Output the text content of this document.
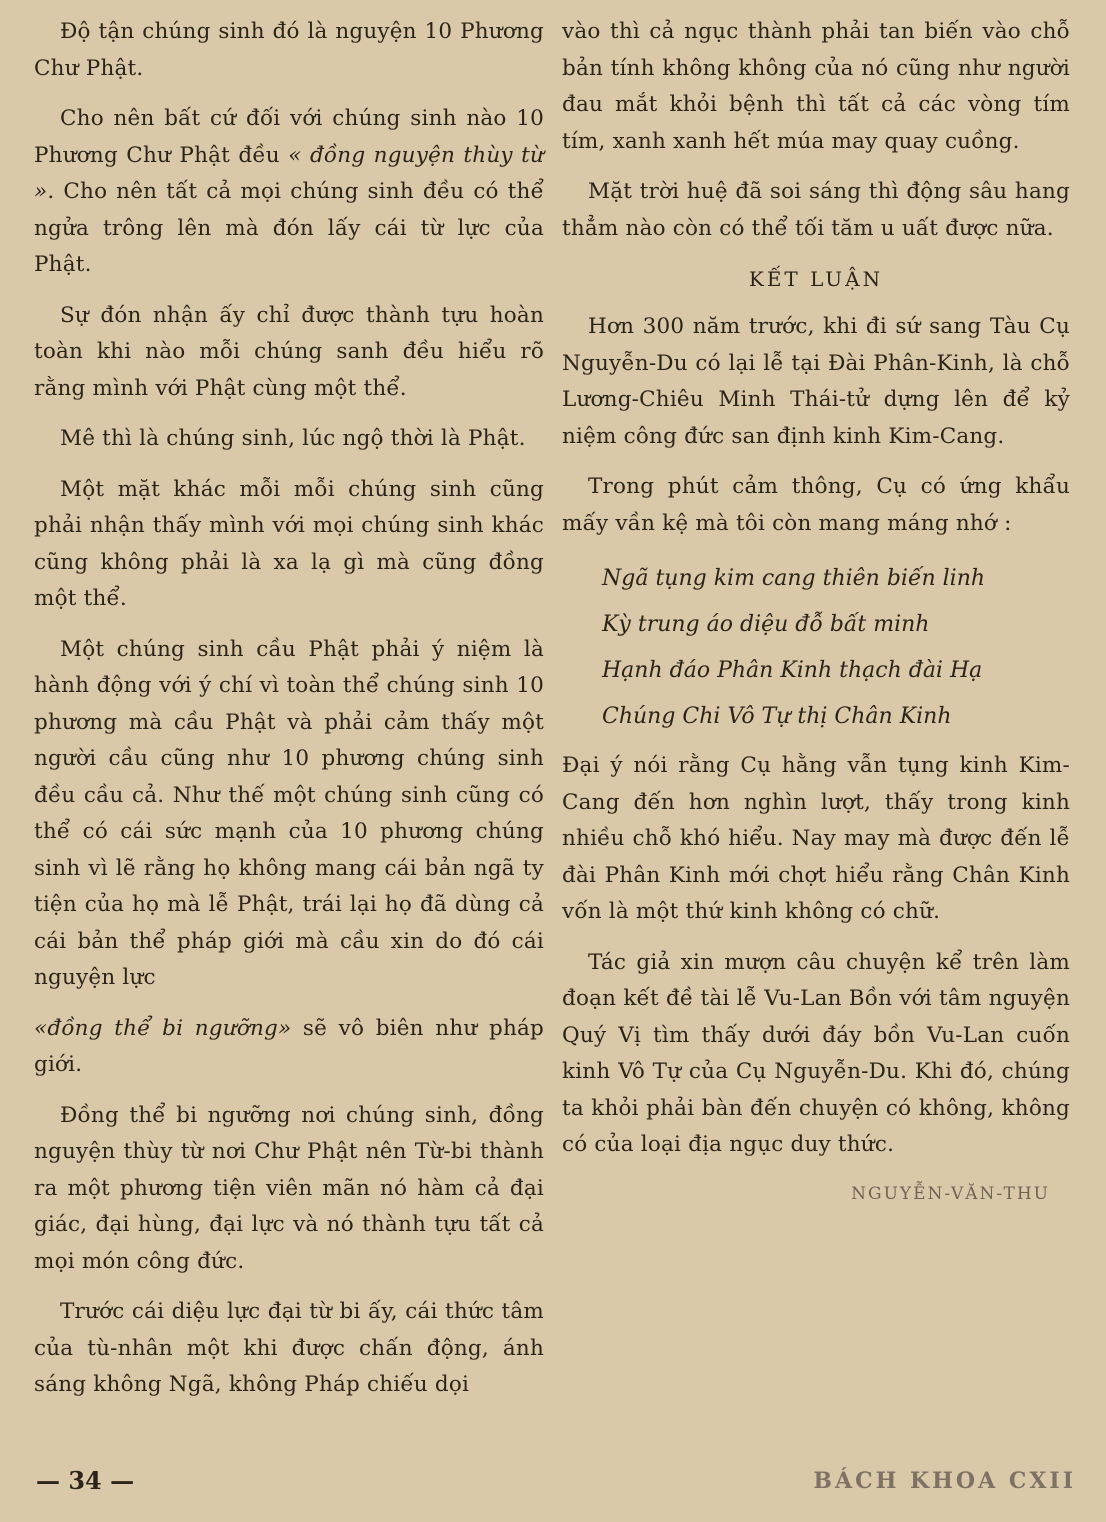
Độ tận chúng sinh đó là nguyện 10 Phương Chư Phật.

Cho nên bất cứ đối với chúng sinh nào 10 Phương Chư Phật đều « đồng nguyện thùy từ ». Cho nên tất cả mọi chúng sinh đều có thể ngửa trông lên mà đón lấy cái từ lực của Phật.

Sự đón nhận ấy chỉ được thành tựu hoàn toàn khi nào mỗi chúng sanh đều hiểu rõ rằng mình với Phật cùng một thể.

Mê thì là chúng sinh, lúc ngộ thời là Phật.

Một mặt khác mỗi mỗi chúng sinh cũng phải nhận thấy mình với mọi chúng sinh khác cũng không phải là xa lạ gì mà cũng đồng một thể.

Một chúng sinh cầu Phật phải ý niệm là hành động với ý chí vì toàn thể chúng sinh 10 phương mà cầu Phật và phải cảm thấy một người cầu cũng như 10 phương chúng sinh đều cầu cả. Như thế một chúng sinh cũng có thể có cái sức mạnh của 10 phương chúng sinh vì lẽ rằng họ không mang cái bản ngã ty tiện của họ mà lễ Phật, trái lại họ đã dùng cả cái bản thể pháp giới mà cầu xin do đó cái nguyện lực

«đồng thể bi ngưỡng» sẽ vô biên như pháp giới.

Đồng thể bi ngưỡng nơi chúng sinh, đồng nguyện thùy từ nơi Chư Phật nên Từ-bi thành ra một phương tiện viên mãn nó hàm cả đại giác, đại hùng, đại lực và nó thành tựu tất cả mọi món công đức.

Trước cái diệu lực đại từ bi ấy, cái thức tâm của tù-nhân một khi được chấn động, ánh sáng không Ngã, không Pháp chiếu dọi

vào thì cả ngục thành phải tan biến vào chỗ bản tính không không của nó cũng như người đau mắt khỏi bệnh thì tất cả các vòng tím tím, xanh xanh hết múa may quay cuồng.

Mặt trời huệ đã soi sáng thì động sâu hang thẳm nào còn có thể tối tăm u uất được nữa.

KẾT LUẬN

Hơn 300 năm trước, khi đi sứ sang Tàu Cụ Nguyễn-Du có lại lễ tại Đài Phân-Kinh, là chỗ Lương-Chiêu Minh Thái-tử dựng lên để kỷ niệm công đức san định kinh Kim-Cang.

Trong phút cảm thông, Cụ có ứng khẩu mấy vần kệ mà tôi còn mang máng nhớ :

Ngã tụng kim cang thiên biến linh
Kỳ trung áo diệu đỗ bất minh
Hạnh đáo Phân Kinh thạch đài Hạ
Chúng Chi Vô Tự thị Chân Kinh

Đại ý nói rằng Cụ hằng vẫn tụng kinh Kim-Cang đến hơn nghìn lượt, thấy trong kinh nhiều chỗ khó hiểu. Nay may mà được đến lễ đài Phân Kinh mới chợt hiểu rằng Chân Kinh vốn là một thứ kinh không có chữ.

Tác giả xin mượn câu chuyện kể trên làm đoạn kết đề tài lễ Vu-Lan Bồn với tâm nguyện Quý Vị tìm thấy dưới đáy bồn Vu-Lan cuốn kinh Vô Tự của Cụ Nguyễn-Du. Khi đó, chúng ta khỏi phải bàn đến chuyện có không, không có của loại địa ngục duy thức.

NGUYỄN-VĂN-THU
— 34 —	BÁCH KHOA CXII
